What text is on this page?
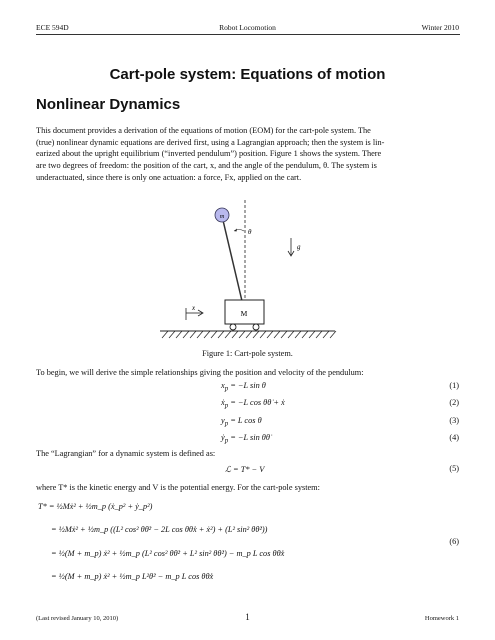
ECE 594D	Robot Locomotion	Winter 2010
Cart-pole system: Equations of motion
Nonlinear Dynamics
This document provides a derivation of the equations of motion (EOM) for the cart-pole system. The
(true) nonlinear dynamic equations are derived first, using a Lagrangian approach; then the system is lin-
earized about the upright equilibrium (“inverted pendulum”) position. Figure 1 shows the system. There
are two degrees of freedom: the position of the cart, x, and the angle of the pendulum, θ. The system is
underactuated, since there is only one actuation: a force, Fx, applied on the cart.
m
θ
g
x
M
Figure 1: Cart-pole system.
To begin, we will derive the simple relationships giving the position and velocity of the pendulum:
$x_p = -L$ sin θ	(1)
$x_p = -L$ cos θθ̇ + ẋ	(2)
$y_p = L$ cos θ	(3)
$y_p = -L$ sin θθ̇	(4)
The “Lagrangian” for a dynamic system is defined as:
ℒ = T* − V	(5)
where T* is the kinetic energy and V is the potential energy. For the cart-pole system:
T* = ½Mẋ² + ½m_p (ẋ_p² + ẏ_p²)
= ½Mẋ² + ½m_p ((L² cos² θθ̇² − 2L cos θθ̇ẋ + ẋ²) + (L² sin² θθ̇²))
= ½(M + m_p) ẋ² + ½m_p (L² cos² θθ̇² + L² sin² θθ̇²) − m_p L cos θθ̇ẋ
= ½(M + m_p) ẋ² + ½m_p L²θ̇² − m_p L cos θθ̇ẋ
(6)
(Last revised January 10, 2010)	1	Homework 1
